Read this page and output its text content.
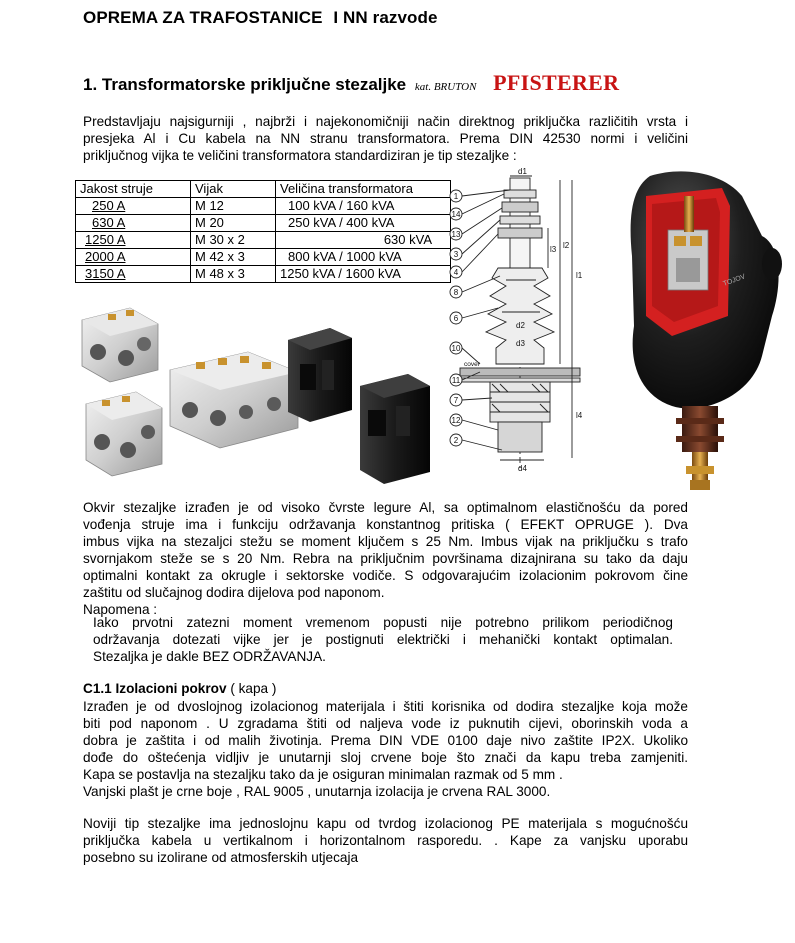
OPREMA ZA TRAFOSTANICE I NN razvode
1. Transformatorske priključne stezaljke kat. BRUTON PFISTERER
Predstavljaju najsigurniji , najbrži i najekonomičniji način direktnog priključka različitih vrsta i
presjeka Al i Cu kabela na NN stranu transformatora. Prema DIN 42530 normi i veličini
priključnog vijka te veličini transformatora standardiziran je tip stezaljke :
Jakost struje	Vijak	Veličina transformatora
250 A	M 12	100 kVA / 160 kVA
630 A	M 20	250 kVA / 400 kVA
1250 A	M 30 x 2	630 kVA
2000 A	M 42 x 3	800 kVA / 1000 kVA
3150 A	M 48 x 3	1250 kVA / 1600 kVA
1
14
13
3
4
8
6
10
11
7
12
2
d1
d2
d3
d4
l1
l2
l3
l4
cover
TOJOV
Okvir stezaljke izrađen je od visoko čvrste legure Al, sa optimalnom elastičnošću da pored
vođenja struje ima i funkciju održavanja konstantnog pritiska ( EFEKT OPRUGE ). Dva
imbus vijka na stezaljci stežu se moment ključem s 25 Nm. Imbus vijak na priključku s trafo
svornjakom steže se s 20 Nm. Rebra na priključnim površinama dizajnirana su tako da daju
optimalni kontakt za okrugle i sektorske vodiče. S odgovarajućim izolacionim pokrovom čine
zaštitu od slučajnog dodira dijelova pod naponom.
Napomena :
Iako prvotni zatezni moment vremenom popusti nije potrebno prilikom periodičnog
održavanja dotezati vijke jer je postignuti električki i mehanički kontakt optimalan.
Stezaljka je dakle BEZ ODRŽAVANJA.
C1.1 Izolacioni pokrov ( kapa )
Izrađen je od dvoslojnog izolacionog materijala i štiti korisnika od dodira stezaljke koja može
biti pod naponom . U zgradama štiti od naljeva vode iz puknutih cijevi, oborinskih voda a
dobra je zaštita i od malih životinja. Prema DIN VDE 0100 daje nivo zaštite IP2X. Ukoliko
dođe do oštećenja vidljiv je unutarnji sloj crvene boje što znači da kapu treba zamjeniti.
Kapa se postavlja na stezaljku tako da je osiguran minimalan razmak od 5 mm .
Vanjski plašt je crne boje , RAL 9005 , unutarnja izolacija je crvena RAL 3000.
Noviji tip stezaljke ima jednoslojnu kapu od tvrdog izolacionog PE materijala s mogućnošću
priključka kabela u vertikalnom i horizontalnom rasporedu. . Kape za vanjsku uporabu
posebno su izolirane od atmosferskih utjecaja
